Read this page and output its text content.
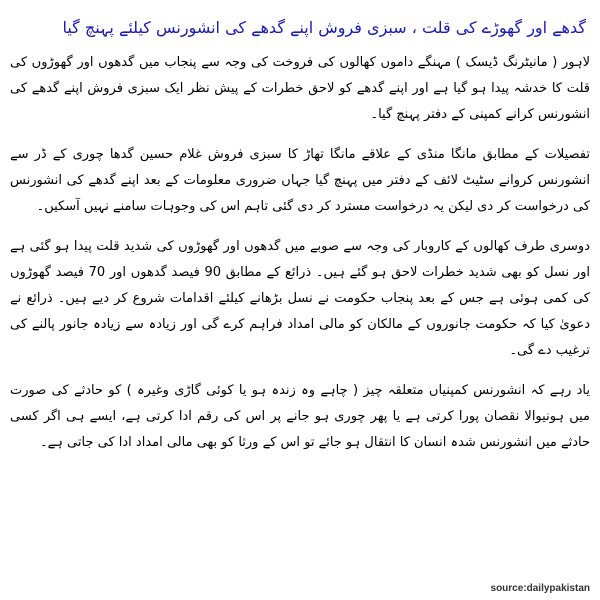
گدھے اور گھوڑے کی قلت ، سبزی فروش اپنے گدھے کی انشورنس کیلئے پہنچ گیا

لاہور ( مانیٹرنگ ڈیسک ) مہنگے داموں کھالوں کی فروخت کی وجہ سے پنجاب میں گدھوں اور گھوڑوں کی قلت کا خدشہ پیدا ہو گیا ہے اور اپنے گدھے کو لاحق خطرات کے پیش نظر ایک سبزی فروش اپنے گدھے کی انشورنس کرانے کمپنی کے دفتر پہنچ گیا۔

تفصیلات کے مطابق مانگا منڈی کے علاقے مانگا تھاڑ کا سبزی فروش غلام حسین گدھا چوری کے ڈر سے انشورنس کروانے سٹیٹ لائف کے دفتر میں پہنچ گیا جہاں ضروری معلومات کے بعد اپنے گدھے کی انشورنس کی درخواست کر دی لیکن یہ درخواست مسترد کر دی گئی تاہم اس کی وجوہات سامنے نہیں آسکیں۔

دوسری طرف کھالوں کے کاروبار کی وجہ سے صوبے میں گدھوں اور گھوڑوں کی شدید قلت پیدا ہو گئی ہے اور نسل کو بھی شدید خطرات لاحق ہو گئے ہیں۔ ذرائع کے مطابق 90 فیصد گدھوں اور 70 فیصد گھوڑوں کی کمی ہوئی ہے جس کے بعد پنجاب حکومت نے نسل بڑھانے کیلئے اقدامات شروع کر دیے ہیں۔ ذرائع نے دعویٰ کیا کہ حکومت جانوروں کے مالکان کو مالی امداد فراہم کرے گی اور زیادہ سے زیادہ جانور پالنے کی ترغیب دے گی۔

یاد رہے کہ انشورنس کمپنیاں متعلقہ چیز ( چاہے وہ زندہ ہو یا کوئی گاڑی وغیرہ ) کو حادثے کی صورت میں ہونیوالا نقصان پورا کرتی ہے یا پھر چوری ہو جانے پر اس کی رقم ادا کرتی ہے، ایسے ہی اگر کسی حادثے میں انشورنس شدہ انسان کا انتقال ہو جائے تو اس کے ورثا کو بھی مالی امداد ادا کی جاتی ہے۔

source:dailypakistan
